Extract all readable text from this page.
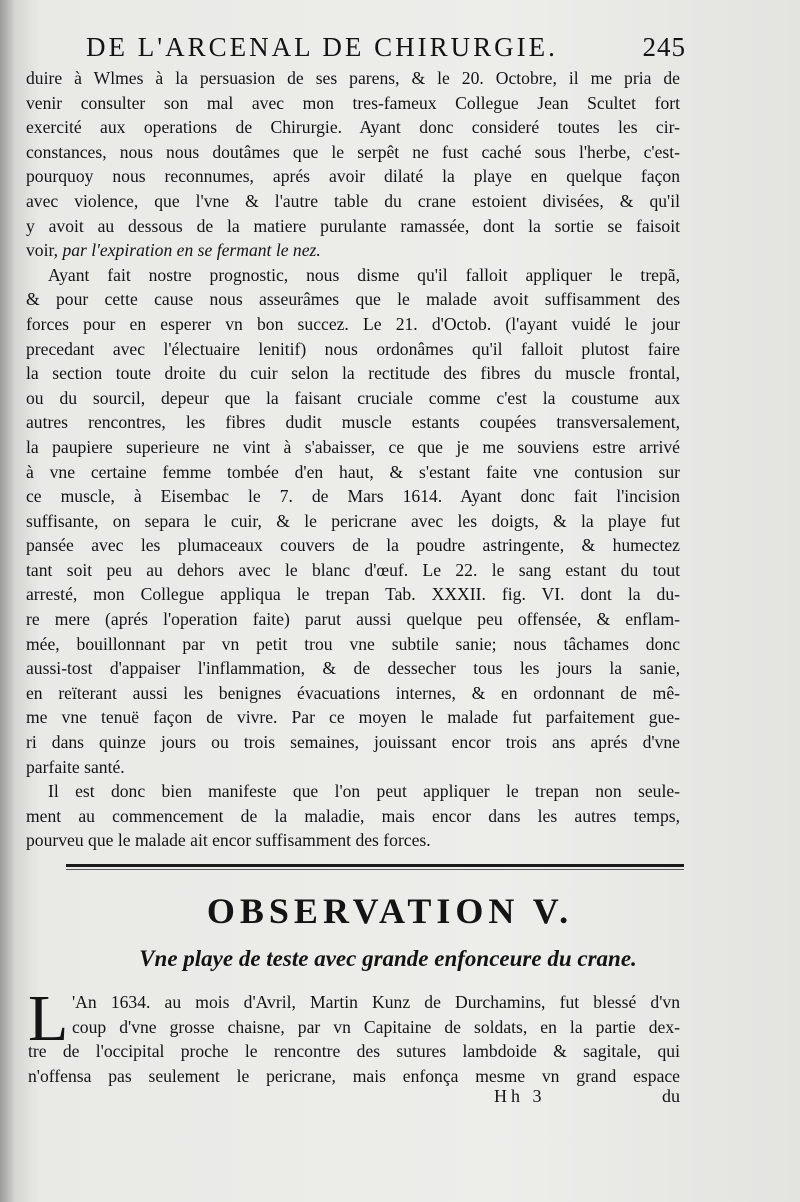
DE L'ARCENAL DE CHIRURGIE.	245
duire à Wlmes à la persuasion de ses parens, & le 20. Octobre, il me pria de
venir consulter son mal avec mon tres-fameux Collegue Jean Scultet fort
exercité aux operations de Chirurgie. Ayant donc consideré toutes les cir-
constances, nous nous doutâmes que le serpêt ne fust caché sous l'herbe, c'est-
pourquoy nous reconnumes, aprés avoir dilaté la playe en quelque façon
avec violence, que l'vne & l'autre table du crane estoient divisées, & qu'il
y avoit au dessous de la matiere purulante ramassée, dont la sortie se faisoit
voir, par l'expiration en se fermant le nez.
Ayant fait nostre prognostic, nous disme qu'il falloit appliquer le trepã,
& pour cette cause nous asseurâmes que le malade avoit suffisamment des
forces pour en esperer vn bon succez. Le 21. d'Octob. (l'ayant vuidé le jour
precedant avec l'électuaire lenitif) nous ordonâmes qu'il falloit plutost faire
la section toute droite du cuir selon la rectitude des fibres du muscle frontal,
ou du sourcil, depeur que la faisant cruciale comme c'est la coustume aux
autres rencontres, les fibres dudit muscle estants coupées transversalement,
la paupiere superieure ne vint à s'abaisser, ce que je me souviens estre arrivé
à vne certaine femme tombée d'en haut, & s'estant faite vne contusion sur
ce muscle, à Eisembac le 7. de Mars 1614. Ayant donc fait l'incision
suffisante, on separa le cuir, & le pericrane avec les doigts, & la playe fut
pansée avec les plumaceaux couvers de la poudre astringente, & humectez
tant soit peu au dehors avec le blanc d'œuf. Le 22. le sang estant du tout
arresté, mon Collegue appliqua le trepan Tab. XXXII. fig. VI. dont la du-
re mere (aprés l'operation faite) parut aussi quelque peu offensée, & enflam-
mée, bouillonnant par vn petit trou vne subtile sanie; nous tâchames donc
aussi-tost d'appaiser l'inflammation, & de dessecher tous les jours la sanie,
en reïterant aussi les benignes évacuations internes, & en ordonnant de mê-
me vne tenuë façon de vivre. Par ce moyen le malade fut parfaitement gue-
ri dans quinze jours ou trois semaines, jouissant encor trois ans aprés d'vne
parfaite santé.
Il est donc bien manifeste que l'on peut appliquer le trepan non seule-
ment au commencement de la maladie, mais encor dans les autres temps,
pourveu que le malade ait encor suffisamment des forces.
OBSERVATION V.
Vne playe de teste avec grande enfonceure du crane.
L 'An 1634. au mois d'Avril, Martin Kunz de Durchamins, fut blessé d'vn
coup d'vne grosse chaisne, par vn Capitaine de soldats, en la partie dex-
tre de l'occipital proche le rencontre des sutures lambdoide & sagitale, qui
n'offensa pas seulement le pericrane, mais enfonça mesme vn grand espace
Hh 3	du
